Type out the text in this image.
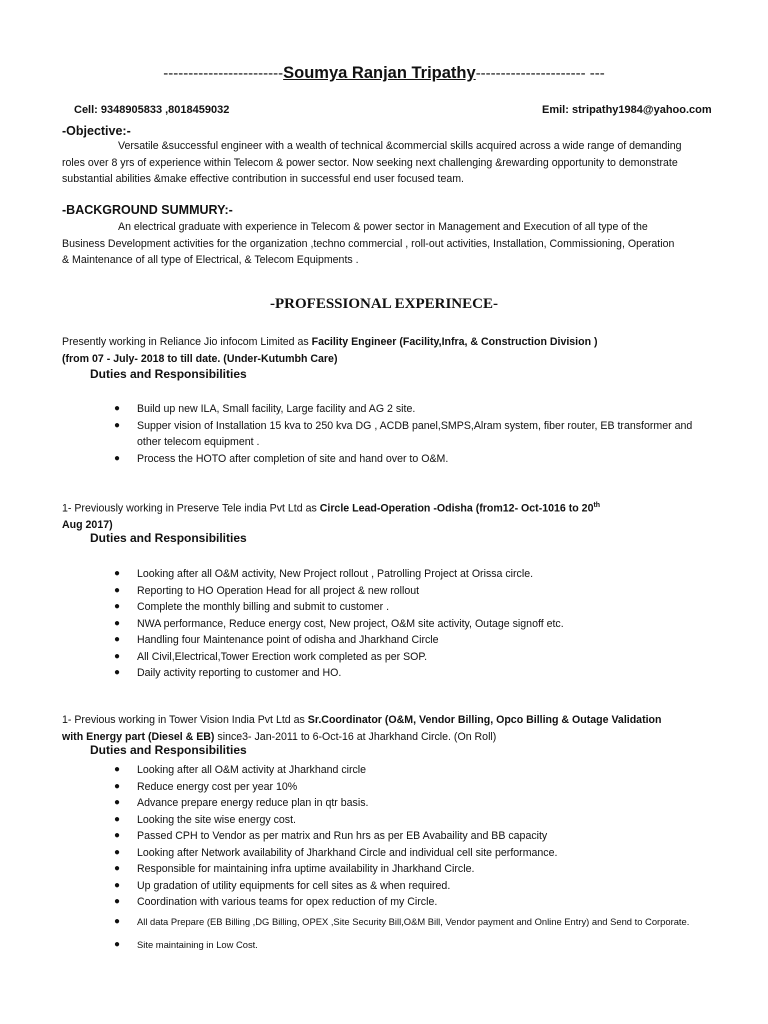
------------------------Soumya Ranjan Tripathy---------------------- ---
Cell: 9348905833 ,8018459032	Emil: stripathy1984@yahoo.com
-Objective:-
Versatile &successful engineer with a wealth of technical &commercial skills acquired across a wide range of demanding roles over 8 yrs of experience within Telecom & power sector. Now seeking next challenging &rewarding opportunity to demonstrate substantial abilities &make effective contribution in successful end user focused team.
-BACKGROUND SUMMURY:-
An electrical graduate with experience in Telecom & power sector in Management and Execution of all type of the Business Development activities for the organization ,techno commercial , roll-out activities, Installation, Commissioning, Operation & Maintenance of all type of Electrical, & Telecom Equipments .
-PROFESSIONAL EXPERINECE-
Presently working in Reliance Jio infocom Limited as Facility Engineer (Facility,Infra, & Construction Division )
(from 07 - July- 2018 to till date. (Under-Kutumbh Care)
Duties and Responsibilities
● Build up new ILA, Small facility, Large facility and AG 2 site.
● Supper vision of Installation 15 kva to 250 kva DG , ACDB panel,SMPS,Alram system, fiber router, EB transformer and other telecom equipment .
● Process the HOTO after completion of site and hand over to O&M.
1- Previously working in Preserve Tele india Pvt Ltd as Circle Lead-Operation -Odisha (from12- Oct-1016 to 20th
Aug 2017)
Duties and Responsibilities
● Looking after all O&M activity, New Project rollout , Patrolling Project at Orissa circle.
● Reporting to HO Operation Head for all project & new rollout
● Complete the monthly billing and submit to customer .
● NWA performance, Reduce energy cost, New project, O&M site activity, Outage signoff etc.
● Handling four Maintenance point of odisha and Jharkhand Circle
● All Civil,Electrical,Tower Erection work completed as per SOP.
● Daily activity reporting to customer and HO.
1- Previous working in Tower Vision India Pvt Ltd as Sr.Coordinator (O&M, Vendor Billing, Opco Billing & Outage Validation with Energy part (Diesel & EB) since3- Jan-2011 to 6-Oct-16 at Jharkhand Circle. (On Roll)
Duties and Responsibilities
● Looking after all O&M activity at Jharkhand circle
● Reduce energy cost per year 10%
● Advance prepare energy reduce plan in qtr basis.
● Looking the site wise energy cost.
● Passed CPH to Vendor as per matrix and Run hrs as per EB Avabaility and BB capacity
● Looking after Network availability of Jharkhand Circle and individual cell site performance.
● Responsible for maintaining infra uptime availability in Jharkhand Circle.
● Up gradation of utility equipments for cell sites as & when required.
● Coordination with various teams for opex reduction of my Circle.
● All data Prepare (EB Billing ,DG Billing, OPEX ,Site Security Bill,O&M Bill, Vendor payment and Online Entry) and Send to Corporate.
● Site maintaining in Low Cost.
